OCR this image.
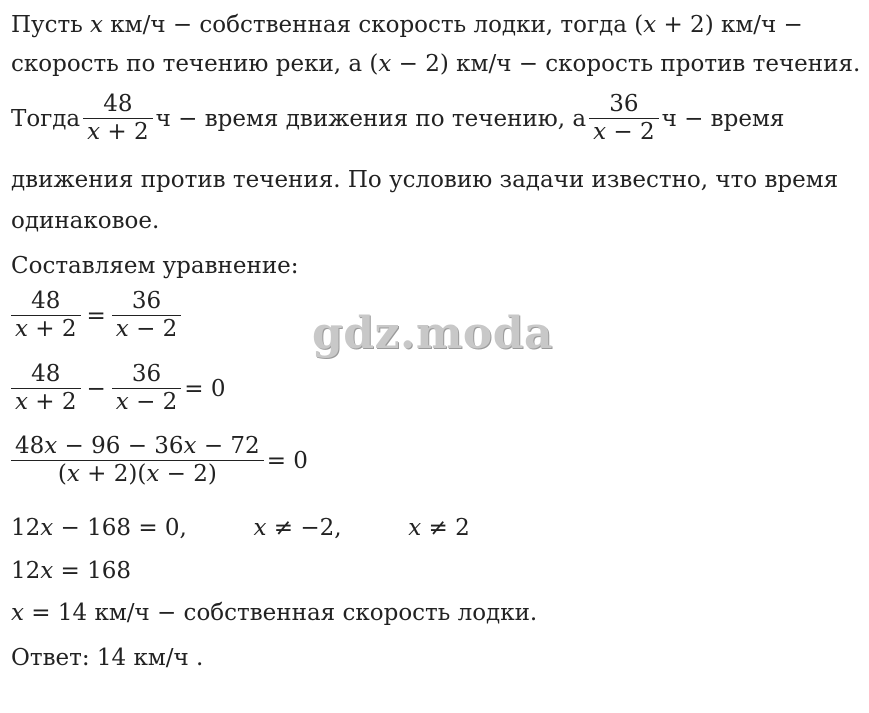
Пусть 𝑥 км/ч − собственная скорость лодки, тогда (𝑥 + 2) км/ч −
скорость по течению реки, а (𝑥 − 2) км/ч − скорость против течения.
Тогда $\frac{48}{\text{𝑥 + 2}}$ ч − время движения по течению, а $\frac{36}{\text{𝑥 − 2}}$ ч − время
движения против течения. По условию задачи известно, что время
одинаковое.
Составляем уравнение:
$\frac{48}{\text{𝑥 + 2}} = \frac{36}{\text{𝑥 − 2}}$
$\frac{48}{\text{𝑥 + 2}} - \frac{36}{\text{𝑥 − 2}} = 0$
$\frac{\text{48𝑥 − 96 − 36𝑥 − 72}}{\text{(𝑥 + 2)(𝑥 − 2)}} = 0$
12𝑥 − 168 = 0,	𝑥 ≠ −2,	𝑥 ≠ 2
12𝑥 = 168
𝑥 = 14 км/ч − собственная скорость лодки.
Ответ: 14 км/ч .
gdz.moda
